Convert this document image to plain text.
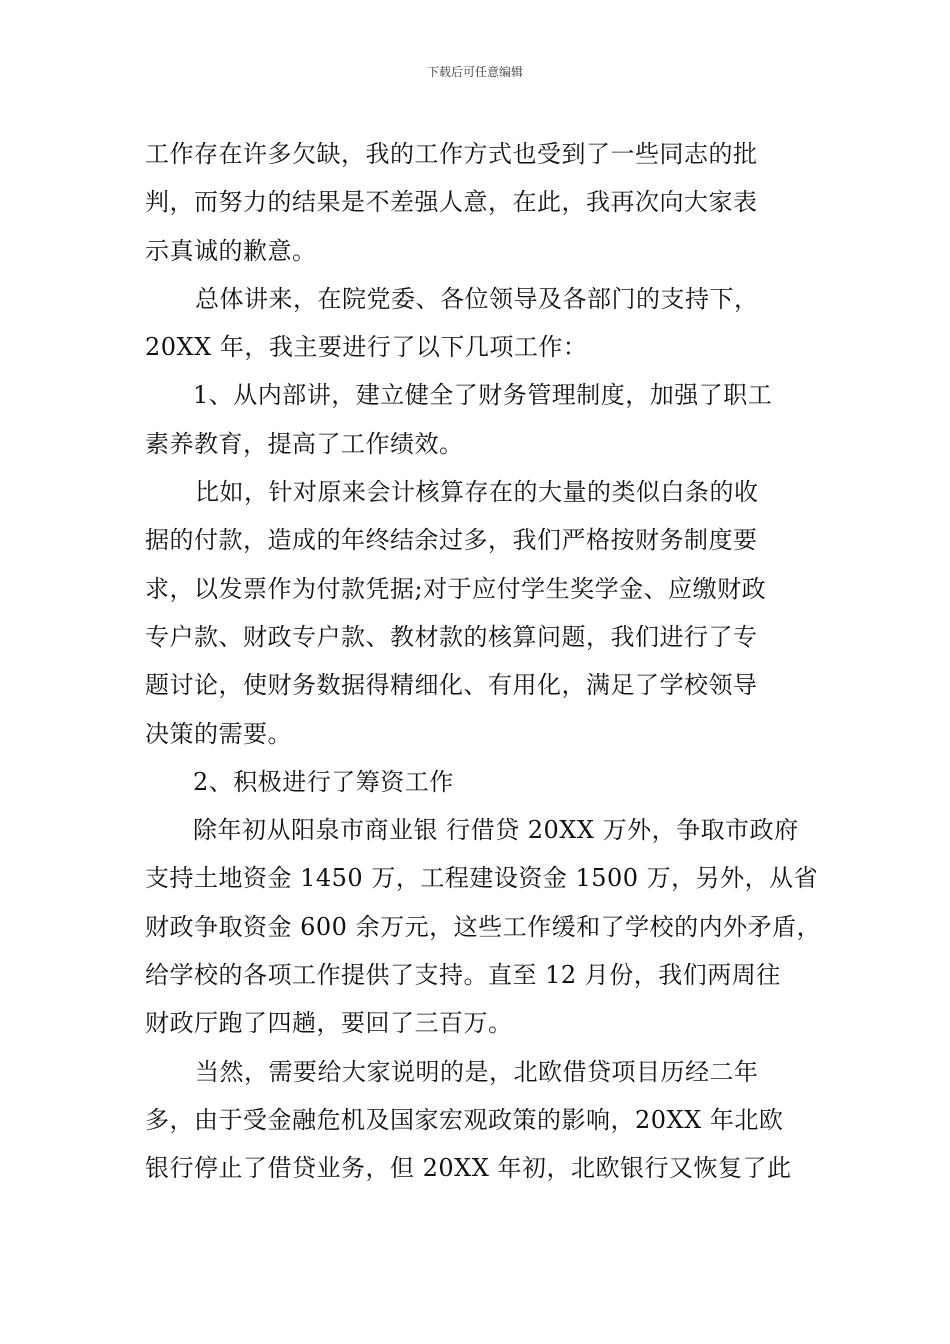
下载后可任意编辑
工作存在许多欠缺，我的工作方式也受到了一些同志的批
判，而努力的结果是不差强人意，在此，我再次向大家表
示真诚的歉意。
总体讲来，在院党委、各位领导及各部门的支持下，
20XX 年，我主要进行了以下几项工作：
1、从内部讲，建立健全了财务管理制度，加强了职工
素养教育，提高了工作绩效。
比如，针对原来会计核算存在的大量的类似白条的收
据的付款，造成的年终结余过多，我们严格按财务制度要
求，以发票作为付款凭据;对于应付学生奖学金、应缴财政
专户款、财政专户款、教材款的核算问题，我们进行了专
题讨论，使财务数据得精细化、有用化，满足了学校领导
决策的需要。
2、积极进行了筹资工作
除年初从阳泉市商业银 行借贷 20XX 万外，争取市政府
支持土地资金 1450 万，工程建设资金 1500 万，另外，从省
财政争取资金 600 余万元，这些工作缓和了学校的内外矛盾，
给学校的各项工作提供了支持。直至 12 月份，我们两周往
财政厅跑了四趟，要回了三百万。
当然，需要给大家说明的是，北欧借贷项目历经二年
多，由于受金融危机及国家宏观政策的影响，20XX 年北欧
银行停止了借贷业务，但 20XX 年初，北欧银行又恢复了此
